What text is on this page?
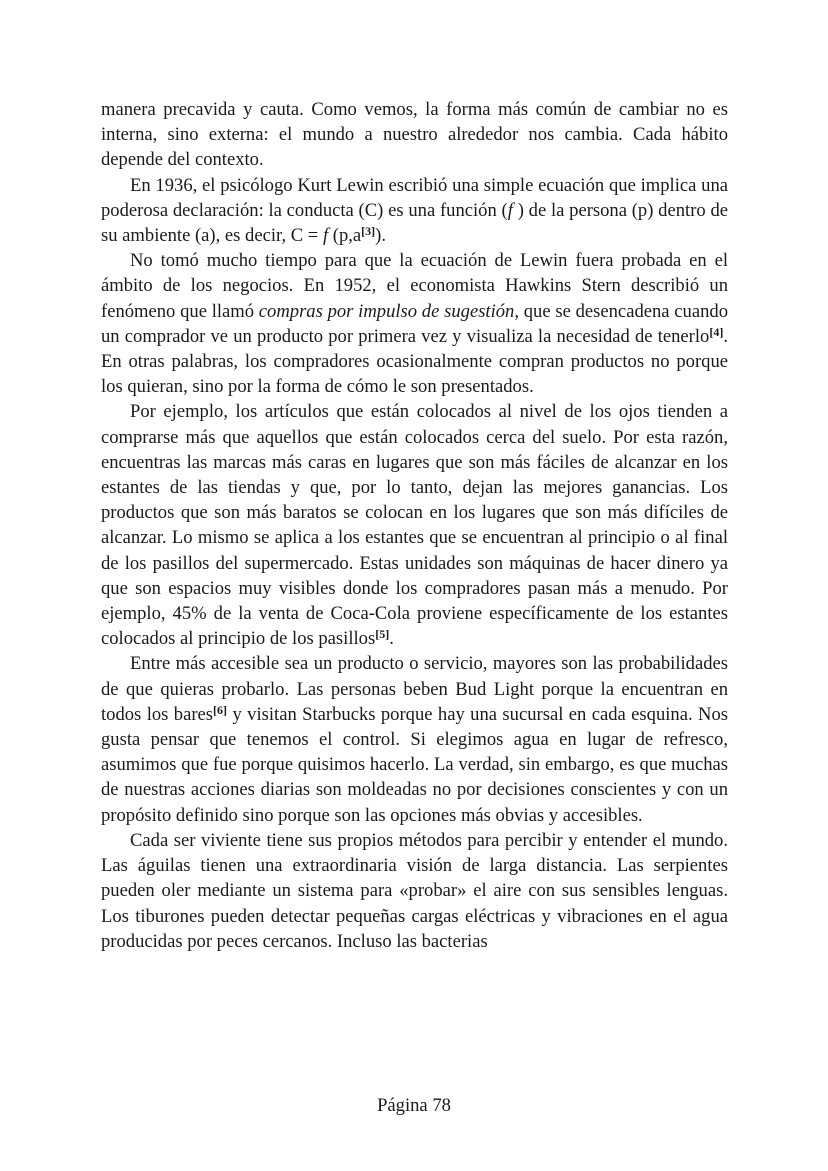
manera precavida y cauta. Como vemos, la forma más común de cambiar no es interna, sino externa: el mundo a nuestro alrededor nos cambia. Cada hábito depende del contexto.

En 1936, el psicólogo Kurt Lewin escribió una simple ecuación que implica una poderosa declaración: la conducta (C) es una función (f ) de la persona (p) dentro de su ambiente (a), es decir, C = f (p,a[3]).

No tomó mucho tiempo para que la ecuación de Lewin fuera probada en el ámbito de los negocios. En 1952, el economista Hawkins Stern describió un fenómeno que llamó compras por impulso de sugestión, que se desencadena cuando un comprador ve un producto por primera vez y visualiza la necesidad de tenerlo[4]. En otras palabras, los compradores ocasionalmente compran productos no porque los quieran, sino por la forma de cómo le son presentados.

Por ejemplo, los artículos que están colocados al nivel de los ojos tienden a comprarse más que aquellos que están colocados cerca del suelo. Por esta razón, encuentras las marcas más caras en lugares que son más fáciles de alcanzar en los estantes de las tiendas y que, por lo tanto, dejan las mejores ganancias. Los productos que son más baratos se colocan en los lugares que son más difíciles de alcanzar. Lo mismo se aplica a los estantes que se encuentran al principio o al final de los pasillos del supermercado. Estas unidades son máquinas de hacer dinero ya que son espacios muy visibles donde los compradores pasan más a menudo. Por ejemplo, 45% de la venta de Coca-Cola proviene específicamente de los estantes colocados al principio de los pasillos[5].

Entre más accesible sea un producto o servicio, mayores son las probabilidades de que quieras probarlo. Las personas beben Bud Light porque la encuentran en todos los bares[6] y visitan Starbucks porque hay una sucursal en cada esquina. Nos gusta pensar que tenemos el control. Si elegimos agua en lugar de refresco, asumimos que fue porque quisimos hacerlo. La verdad, sin embargo, es que muchas de nuestras acciones diarias son moldeadas no por decisiones conscientes y con un propósito definido sino porque son las opciones más obvias y accesibles.

Cada ser viviente tiene sus propios métodos para percibir y entender el mundo. Las águilas tienen una extraordinaria visión de larga distancia. Las serpientes pueden oler mediante un sistema para «probar» el aire con sus sensibles lenguas. Los tiburones pueden detectar pequeñas cargas eléctricas y vibraciones en el agua producidas por peces cercanos. Incluso las bacterias

Página 78
